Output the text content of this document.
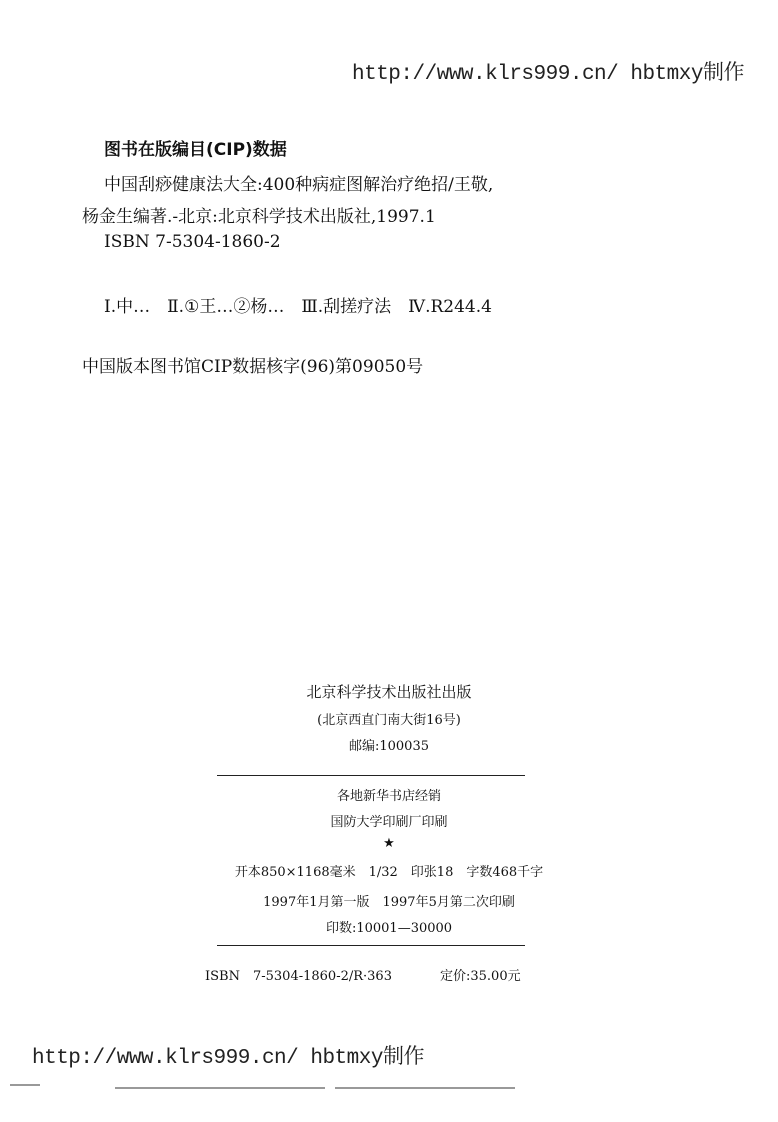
http://www.klrs999.cn/ hbtmxy制作
图书在版编目(CIP)数据
中国刮痧健康法大全:400种病症图解治疗绝招/王敬,
杨金生编著.-北京:北京科学技术出版社,1997.1
ISBN 7-5304-1860-2
Ⅰ.中…　Ⅱ.①王…②杨…　Ⅲ.刮搓疗法　Ⅳ.R244.4
中国版本图书馆CIP数据核字(96)第09050号
北京科学技术出版社出版
(北京西直门南大街16号)
邮编:100035
各地新华书店经销
国防大学印刷厂印刷
★
开本850×1168毫米　1/32　印张18　字数468千字
1997年1月第一版　1997年5月第二次印刷
印数:10001—30000
ISBN　7-5304-1860-2/R·363	定价:35.00元
http://www.klrs999.cn/ hbtmxy制作
